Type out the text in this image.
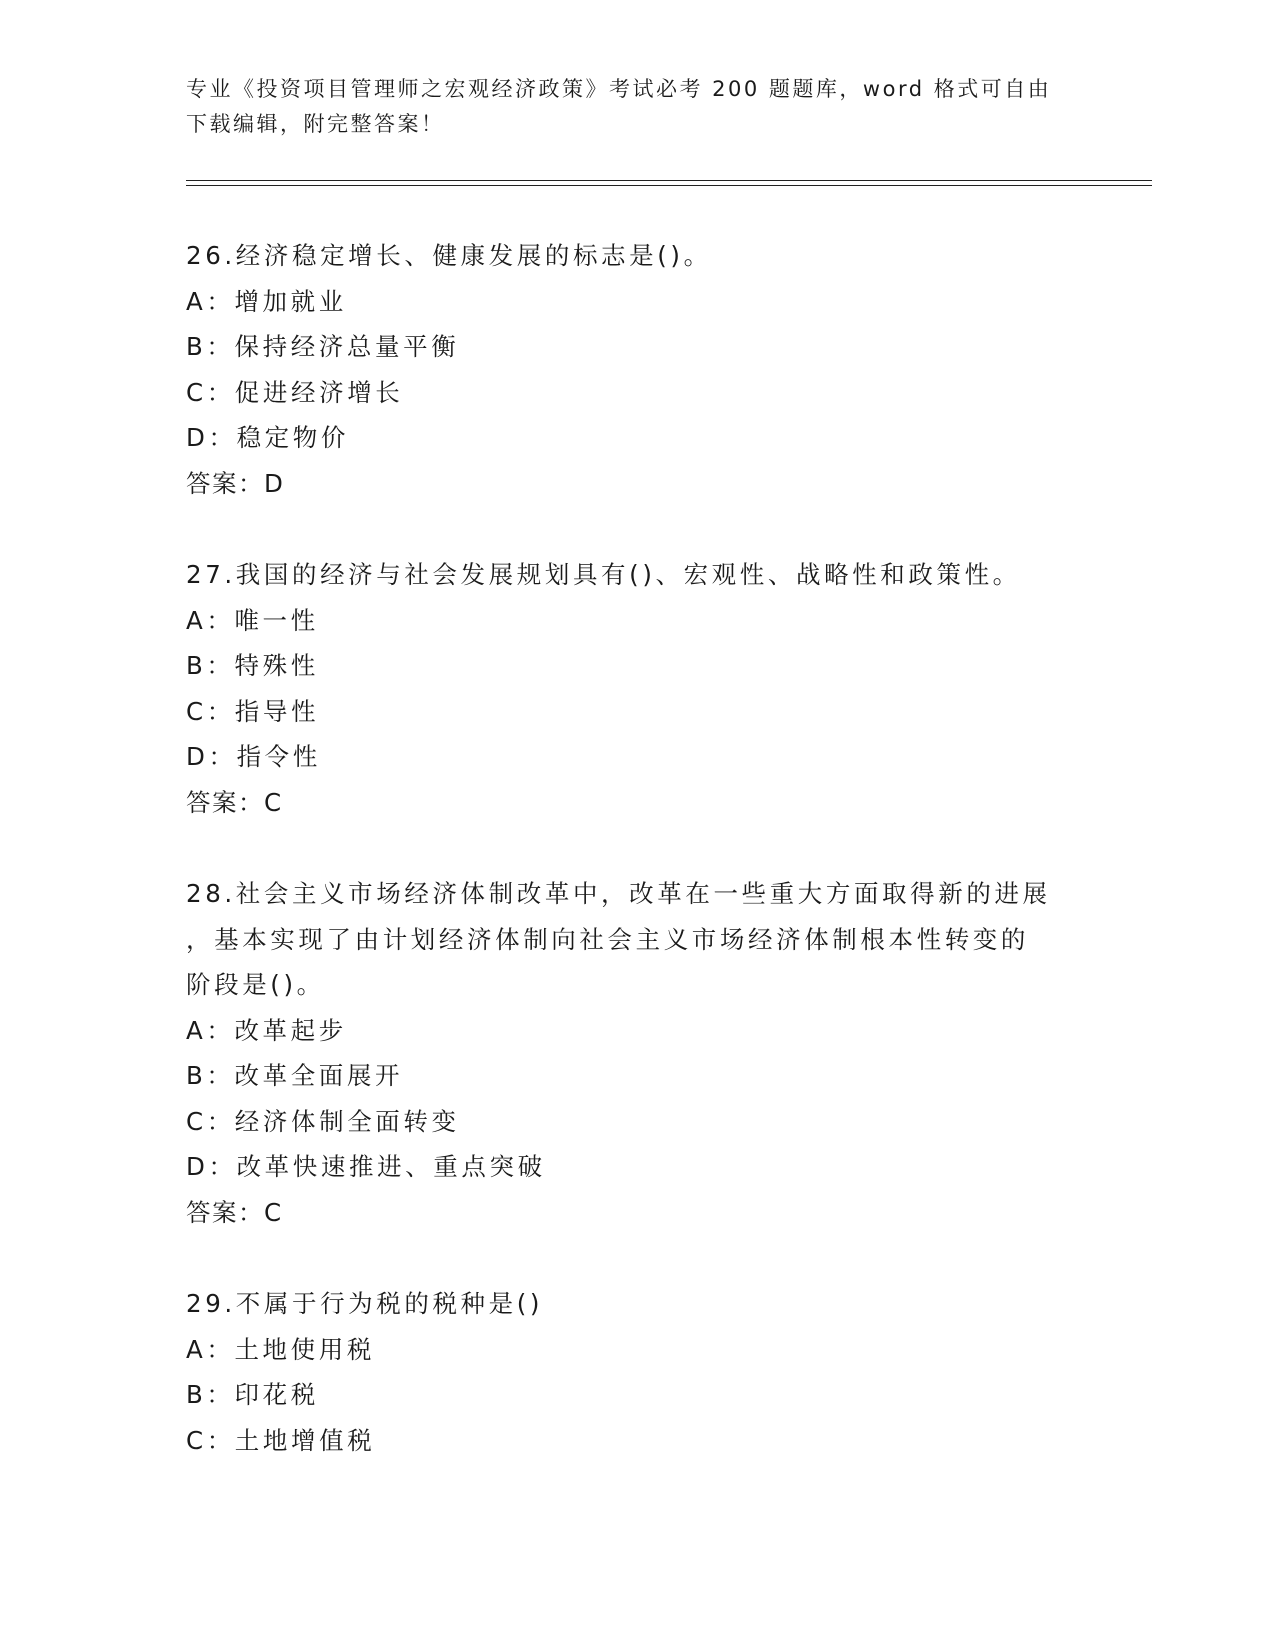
专业《投资项目管理师之宏观经济政策》考试必考 200 题题库，word 格式可自由
下载编辑，附完整答案！
26.经济稳定增长、健康发展的标志是()。
A：增加就业
B：保持经济总量平衡
C：促进经济增长
D：稳定物价
答案：D
27.我国的经济与社会发展规划具有()、宏观性、战略性和政策性。
A：唯一性
B：特殊性
C：指导性
D：指令性
答案：C
28.社会主义市场经济体制改革中，改革在一些重大方面取得新的进展
，基本实现了由计划经济体制向社会主义市场经济体制根本性转变的
阶段是()。
A：改革起步
B：改革全面展开
C：经济体制全面转变
D：改革快速推进、重点突破
答案：C
29.不属于行为税的税种是()
A：土地使用税
B：印花税
C：土地增值税
